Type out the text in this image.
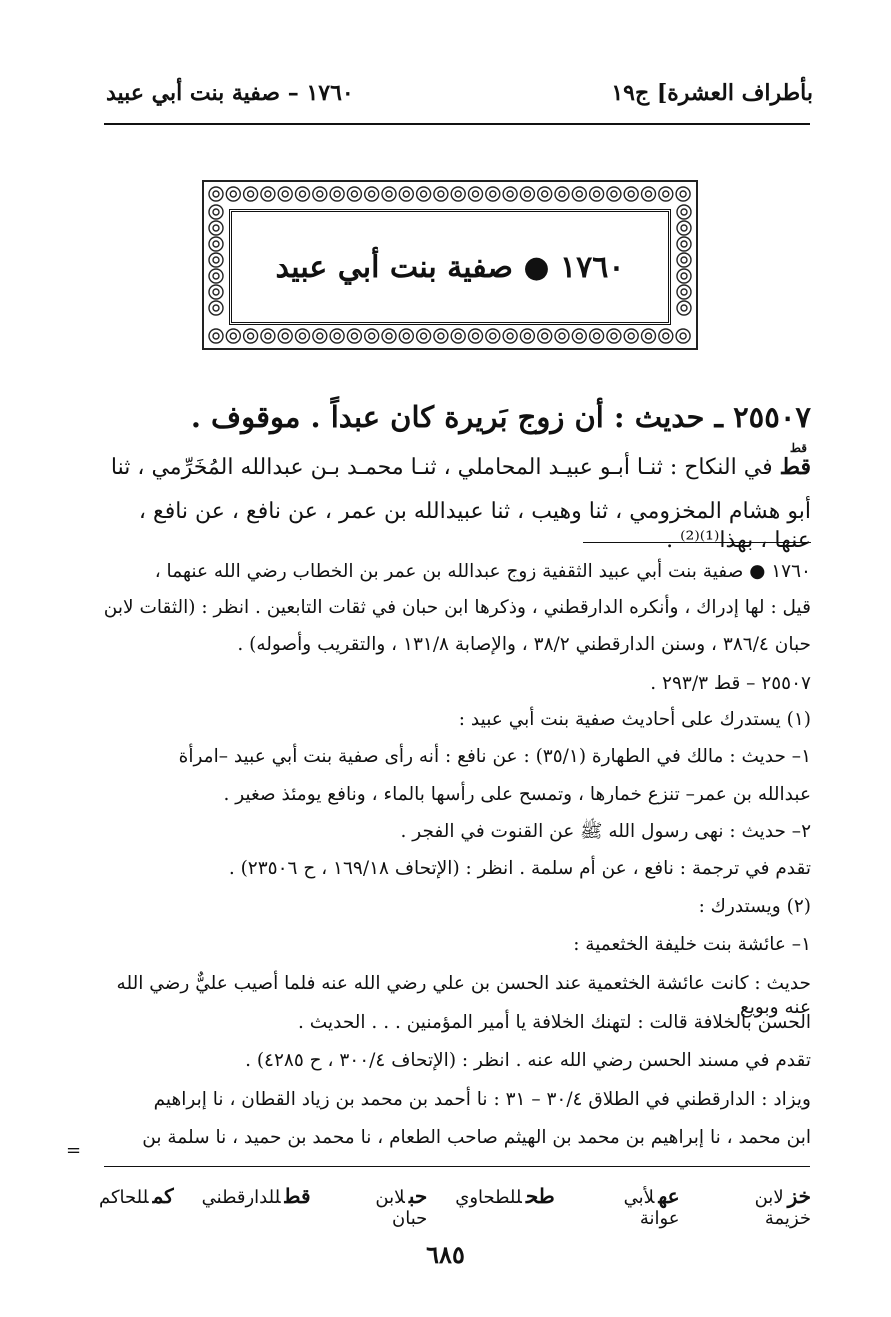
١٧٦٠ – صفية بنت أبي عبيد	بأطراف العشرة] ج١٩
١٧٦٠ ● صفية بنت أبي عبيد
٢٥٥٠٧ ـ حديث : أن زوج بَريرة كان عبداً . موقوف .
قط
قط في النكاح : ثنـا أبـو عبيـد المحاملي ، ثنـا محمـد بـن عبدالله المُخَرِّمي ، ثنا
أبو هشام المخزومي ، ثنا وهيب ، ثنا عبيدالله بن عمر ، عن نافع ، عن نافع ، عنها ، بهذا⁽¹⁾⁽²⁾ .
١٧٦٠ ● صفية بنت أبي عبيد الثقفية زوج عبدالله بن عمر بن الخطاب رضي الله عنهما ،
قيل : لها إدراك ، وأنكره الدارقطني ، وذكرها ابن حبان في ثقات التابعين . انظر : (الثقات لابن
حبان ٣٨٦/٤ ، وسنن الدارقطني ٣٨/٢ ، والإصابة ١٣١/٨ ، والتقريب وأصوله) .
٢٥٥٠٧ – قط ٢٩٣/٣ .
(١) يستدرك على أحاديث صفية بنت أبي عبيد :
١– حديث : مالك في الطهارة (٣٥/١) : عن نافع : أنه رأى صفية بنت أبي عبيد –امرأة
عبدالله بن عمر– تنزع خمارها ، وتمسح على رأسها بالماء ، ونافع يومئذ صغير .
٢– حديث : نهى رسول الله ﷺ عن القنوت في الفجر .
تقدم في ترجمة : نافع ، عن أم سلمة . انظر : (الإتحاف ١٦٩/١٨ ، ح ٢٣٥٠٦) .
(٢) ويستدرك :
١– عائشة بنت خليفة الخثعمية :
حديث : كانت عائشة الخثعمية عند الحسن بن علي رضي الله عنه فلما أصيب عليٌّ رضي الله عنه وبويع
الحسن بالخلافة قالت : لتهنك الخلافة يا أمير المؤمنين . . . الحديث .
تقدم في مسند الحسن رضي الله عنه . انظر : (الإتحاف ٣٠٠/٤ ، ح ٤٢٨٥) .
ويزاد : الدارقطني في الطلاق ٣٠/٤ – ٣١ : نا أحمد بن محمد بن زياد القطان ، نا إبراهيم
ابن محمد ، نا إبراهيم بن محمد بن الهيثم صاحب الطعام ، نا محمد بن حميد ، نا سلمة بن
=
خزلابن خزيمة
عهلأبي عوانة
طحللطحاوي
حبلابن حبان
قطللدارقطني
كمللحاكم
٦٨٥
